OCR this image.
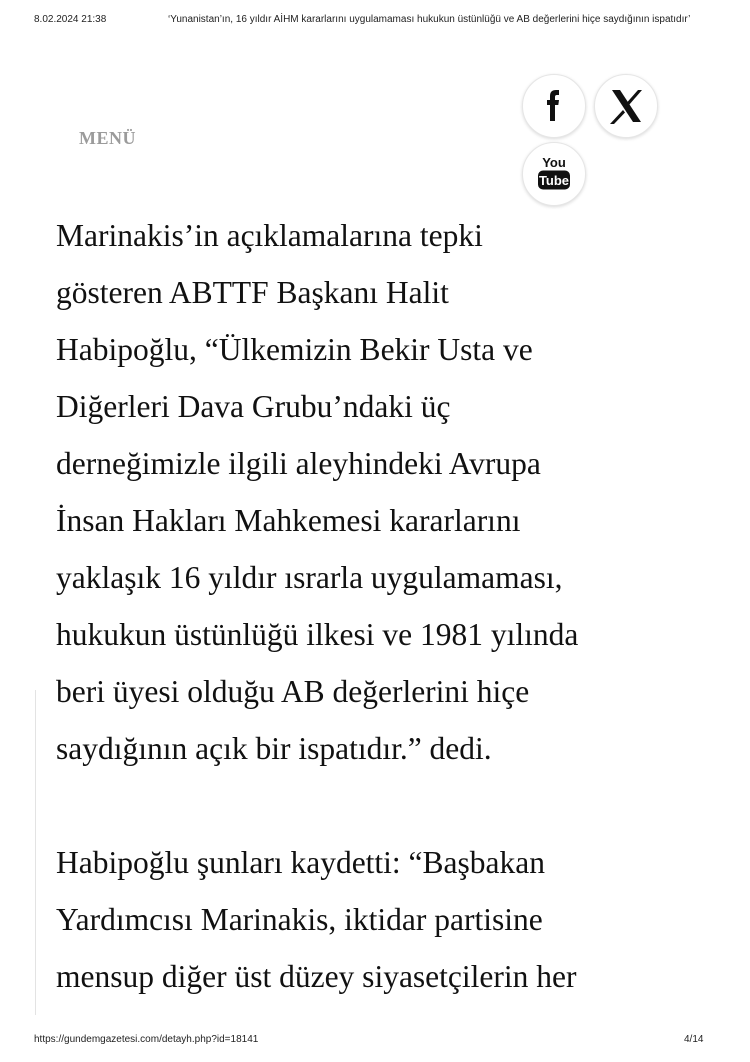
8.02.2024 21:38	‘Yunanistan’ın, 16 yıldır AİHM kararlarını uygulamaması hukukun üstünlüğü ve AB değerlerini hiçe saydığının ispatıdır’
MENÜ
You
Tube

Marinakis’in açıklamalarına tepki
gösteren ABTTF Başkanı Halit
Habipoğlu, “Ülkemizin Bekir Usta ve
Diğerleri Dava Grubu’ndaki üç
derneğimizle ilgili aleyhindeki Avrupa
İnsan Hakları Mahkemesi kararlarını
yaklaşık 16 yıldır ısrarla uygulamaması,
hukukun üstünlüğü ilkesi ve 1981 yılında
beri üyesi olduğu AB değerlerini hiçe
saydığının açık bir ispatıdır.” dedi.

Habipoğlu şunları kaydetti: “Başbakan
Yardımcısı Marinakis, iktidar partisine
mensup diğer üst düzey siyasetçilerin her

https://gundemgazetesi.com/detayh.php?id=18141	4/14
